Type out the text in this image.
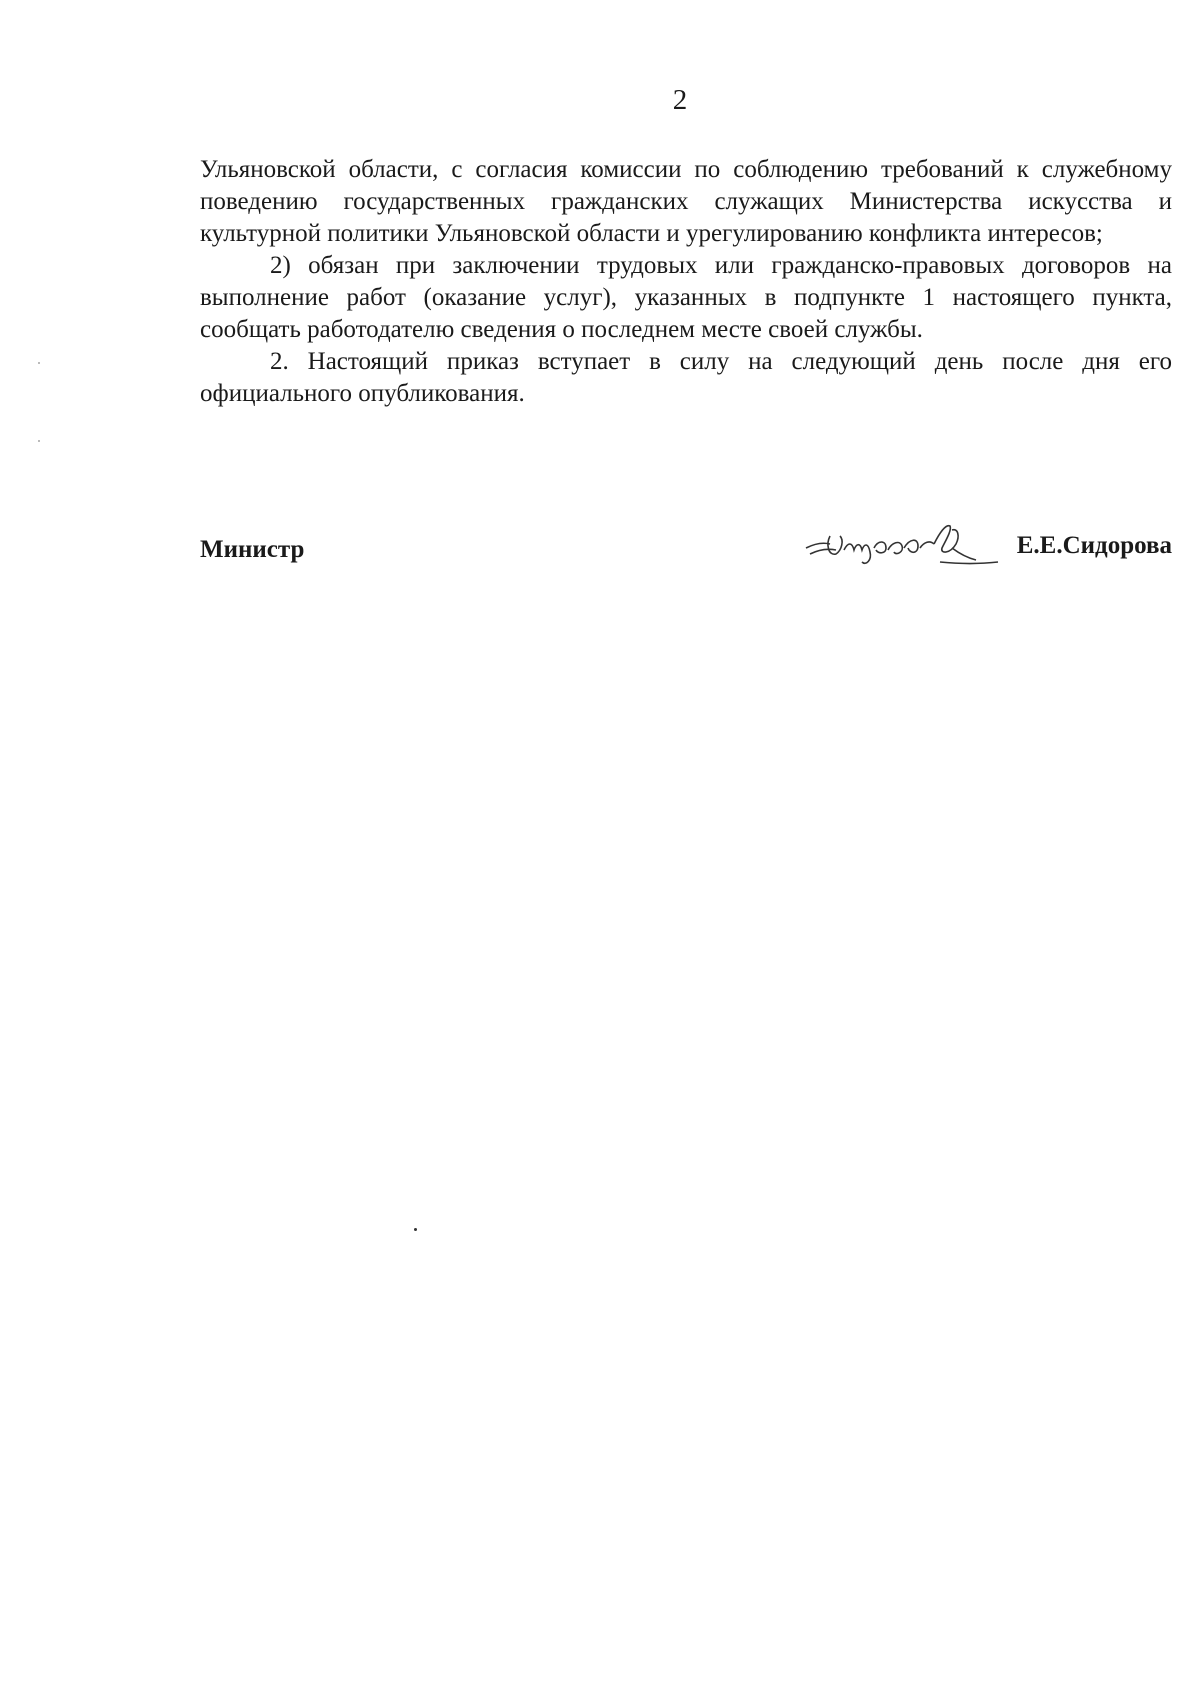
2

Ульяновской области, с согласия комиссии по соблюдению требований к служебному поведению государственных гражданских служащих Министерства искусства и культурной политики Ульяновской области и урегулированию конфликта интересов;

2) обязан при заключении трудовых или гражданско-правовых договоров на выполнение работ (оказание услуг), указанных в подпункте 1 настоящего пункта, сообщать работодателю сведения о последнем месте своей службы.

2. Настоящий приказ вступает в силу на следующий день после дня его официального опубликования.

Министр	Е.Е.Сидорова
